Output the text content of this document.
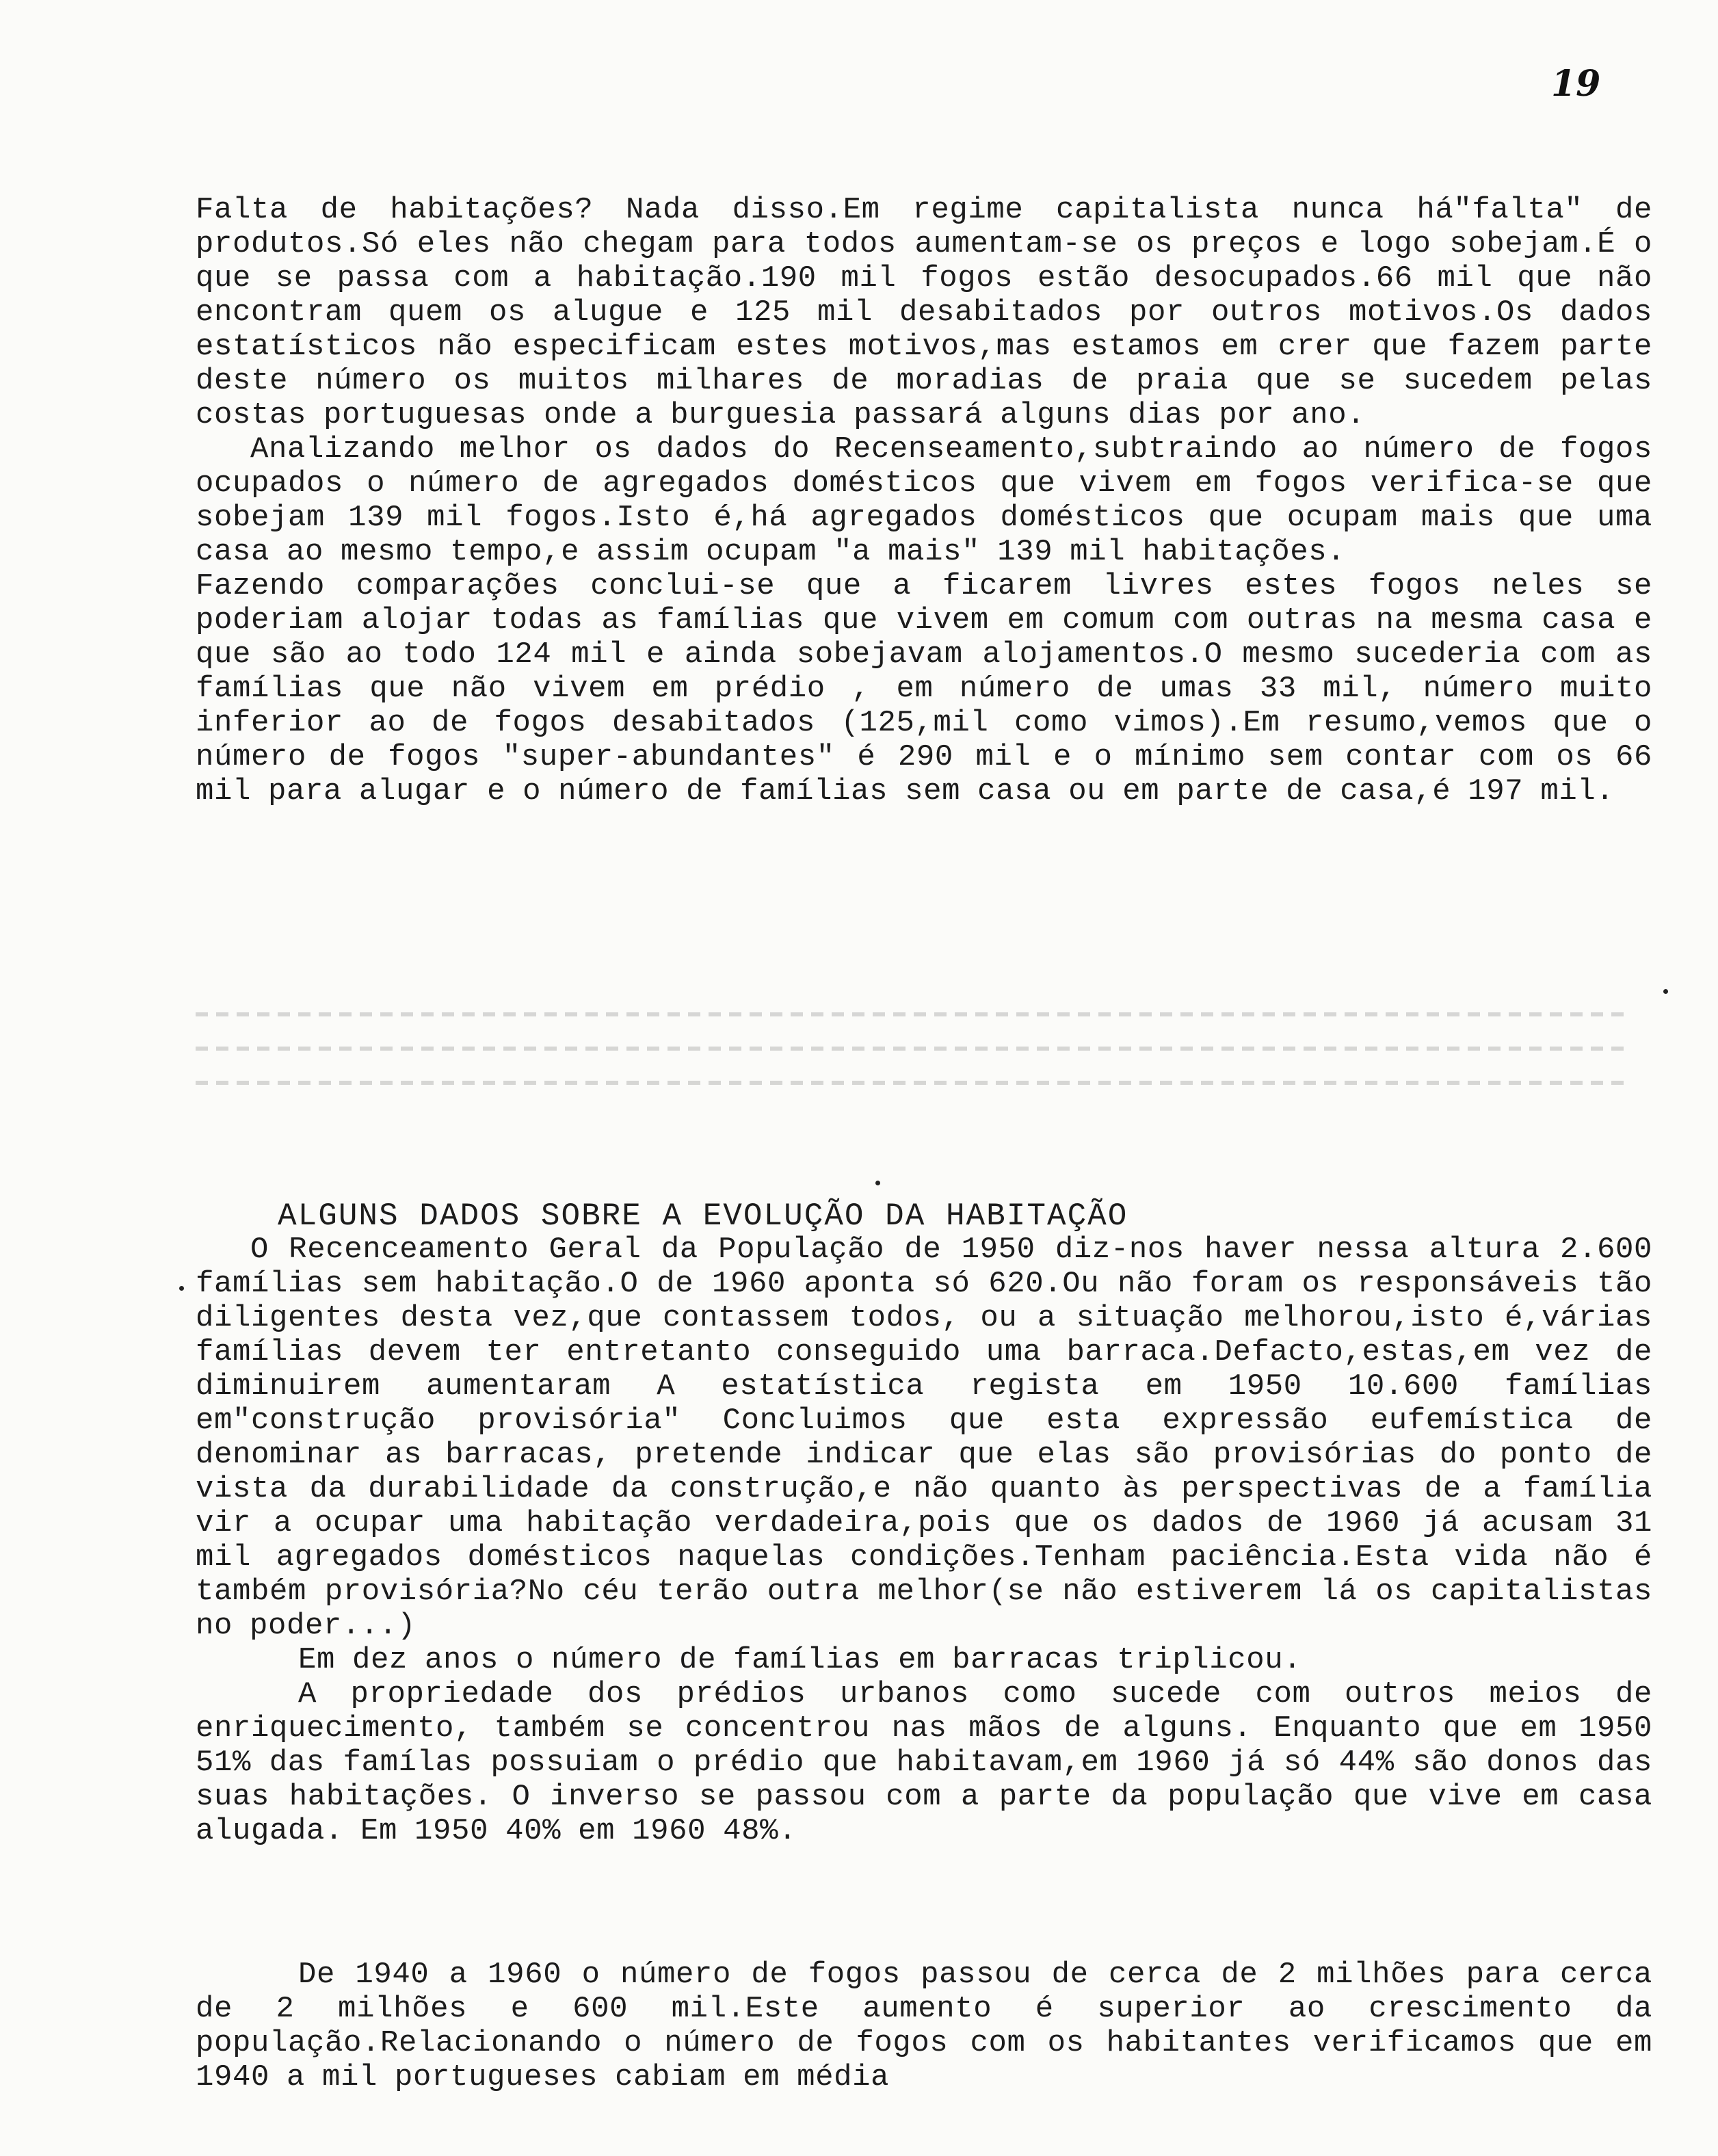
19

Falta de habitações? Nada disso.Em regime capitalista nunca há"falta" de produtos.Só eles não chegam para todos aumentam-se os preços e logo sobejam.É o que se passa com a habitação.190 mil fogos estão desocupados.66 mil que não encontram quem os alugue e 125 mil desabitados por outros motivos.Os dados estatísticos não especificam estes motivos,mas estamos em crer que fazem parte deste número os muitos milhares de moradias de praia que se sucedem pelas costas portuguesas onde a burguesia passará alguns dias por ano.

Analizando melhor os dados do Recenseamento,subtraindo ao número de fogos ocupados o número de agregados domésticos que vivem em fogos verifica-se que sobejam 139 mil fogos.Isto é,há agregados domésticos que ocupam mais que uma casa ao mesmo tempo,e assim ocupam "a mais" 139 mil habitações.

Fazendo comparações conclui-se que a ficarem livres estes fogos neles se poderiam alojar todas as famílias que vivem em comum com outras na mesma casa e que são ao todo 124 mil e ainda sobejavam alojamentos.O mesmo sucederia com as famílias que não vivem em prédio , em número de umas 33 mil, número muito inferior ao de fogos desabitados (125,mil como vimos).Em resumo,vemos que o número de fogos "super-abundantes" é 290 mil e o mínimo sem contar com os 66 mil para alugar e o número de famílias sem casa ou em parte de casa,é 197 mil.

ALGUNS DADOS SOBRE A EVOLUÇÃO DA HABITAÇÃO

O Recenceamento Geral da População de 1950 diz-nos haver nessa altura 2.600 famílias sem habitação.O de 1960 aponta só 620.Ou não foram os responsáveis tão diligentes desta vez,que contassem todos, ou a situação melhorou,isto é,várias famílias devem ter entretanto conseguido uma barraca.Defacto,estas,em vez de diminuirem aumentaram A estatística regista em 1950 10.600 famílias em"construção provisória" Concluimos que esta expressão eufemística de denominar as barracas, pretende indicar que elas são provisórias do ponto de vista da durabilidade da construção,e não quanto às perspectivas de a família vir a ocupar uma habitação verdadeira,pois que os dados de 1960 já acusam 31 mil agregados domésticos naquelas condições.Tenham paciência.Esta vida não é também provisória?No céu terão outra melhor(se não estiverem lá os capitalistas no poder...)

Em dez anos o número de famílias em barracas triplicou.

A propriedade dos prédios urbanos como sucede com outros meios de enriquecimento, também se concentrou nas mãos de alguns. Enquanto que em 1950 51% das famílas possuiam o prédio que habitavam,em 1960 já só 44% são donos das suas habitações. O inverso se passou com a parte da população que vive em casa alugada. Em 1950 40% em 1960 48%.

De 1940 a 1960 o número de fogos passou de cerca de 2 milhões para cerca de 2 milhões e 600 mil.Este aumento é superior ao crescimento da população.Relacionando o número de fogos com os habitantes verificamos que em 1940 a mil portugueses cabiam em média
